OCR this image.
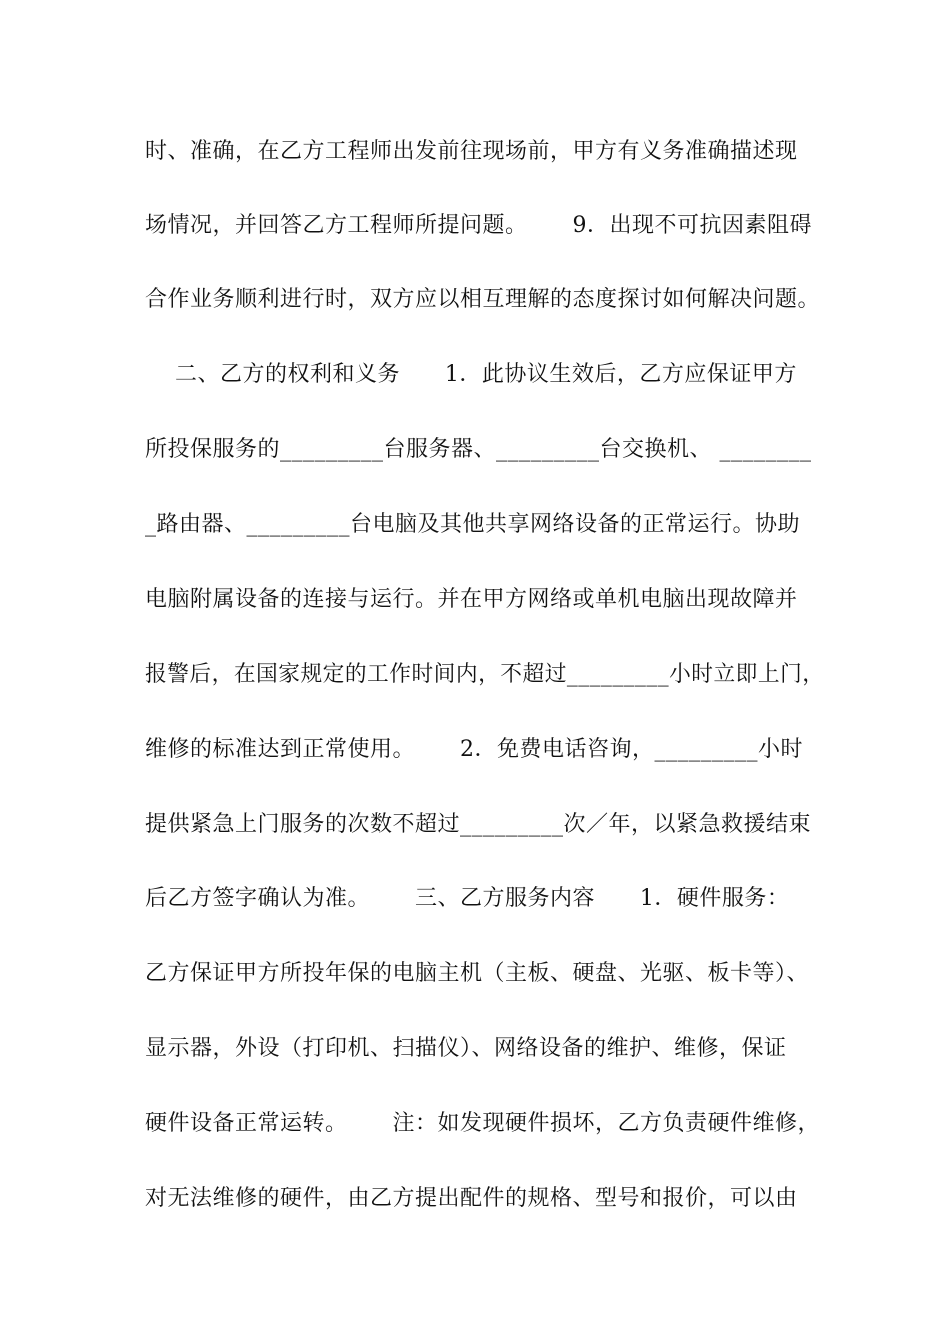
时、准确，在乙方工程师出发前往现场前，甲方有义务准确描述现
场情况，并回答乙方工程师所提问题。      9．出现不可抗因素阻碍
合作业务顺利进行时，双方应以相互理解的态度探讨如何解决问题。
二、乙方的权利和义务      1．此协议生效后，乙方应保证甲方
所投保服务的_________台服务器、_________台交换机、 ________
_路由器、_________台电脑及其他共享网络设备的正常运行。协助
电脑附属设备的连接与运行。并在甲方网络或单机电脑出现故障并
报警后，在国家规定的工作时间内，不超过_________小时立即上门，
维修的标准达到正常使用。      2．免费电话咨询，_________小时
提供紧急上门服务的次数不超过_________次／年，以紧急救援结束
后乙方签字确认为准。      三、乙方服务内容      1．硬件服务：
乙方保证甲方所投年保的电脑主机（主板、硬盘、光驱、板卡等）、
显示器，外设（打印机、扫描仪）、网络设备的维护、维修，保证
硬件设备正常运转。      注：如发现硬件损坏，乙方负责硬件维修，
对无法维修的硬件，由乙方提出配件的规格、型号和报价，可以由
